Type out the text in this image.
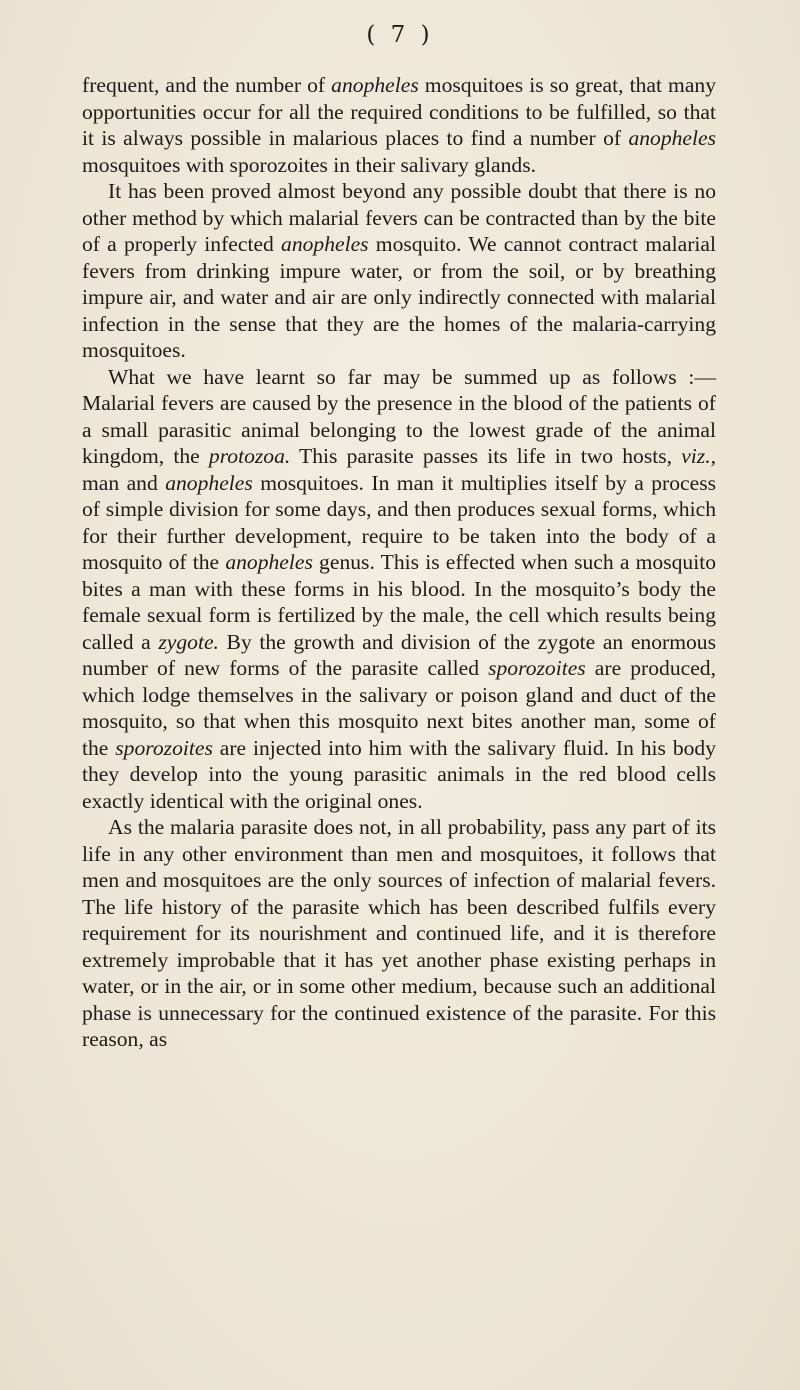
( 7 )

frequent, and the number of anopheles mosquitoes is so great, that many opportunities occur for all the required conditions to be fulfilled, so that it is always possible in malarious places to find a number of anopheles mosquitoes with sporozoites in their salivary glands.

It has been proved almost beyond any possible doubt that there is no other method by which malarial fevers can be contracted than by the bite of a properly infected anopheles mosquito. We cannot contract malarial fevers from drinking impure water, or from the soil, or by breathing impure air, and water and air are only indirectly connected with malarial infection in the sense that they are the homes of the malaria-carrying mosquitoes.

What we have learnt so far may be summed up as follows :— Malarial fevers are caused by the presence in the blood of the patients of a small parasitic animal belonging to the lowest grade of the animal kingdom, the protozoa. This parasite passes its life in two hosts, viz., man and anopheles mosquitoes. In man it multiplies itself by a process of simple division for some days, and then produces sexual forms, which for their further development, require to be taken into the body of a mosquito of the anopheles genus. This is effected when such a mosquito bites a man with these forms in his blood. In the mosquito’s body the female sexual form is fertilized by the male, the cell which results being called a zygote. By the growth and division of the zygote an enormous number of new forms of the parasite called sporozoites are produced, which lodge themselves in the salivary or poison gland and duct of the mosquito, so that when this mosquito next bites another man, some of the sporozoites are injected into him with the salivary fluid. In his body they develop into the young parasitic animals in the red blood cells exactly identical with the original ones.

As the malaria parasite does not, in all probability, pass any part of its life in any other environment than men and mosquitoes, it follows that men and mosquitoes are the only sources of infection of malarial fevers. The life history of the parasite which has been described fulfils every requirement for its nourishment and continued life, and it is therefore extremely improbable that it has yet another phase existing perhaps in water, or in the air, or in some other medium, because such an additional phase is unnecessary for the continued existence of the parasite. For this reason, as
